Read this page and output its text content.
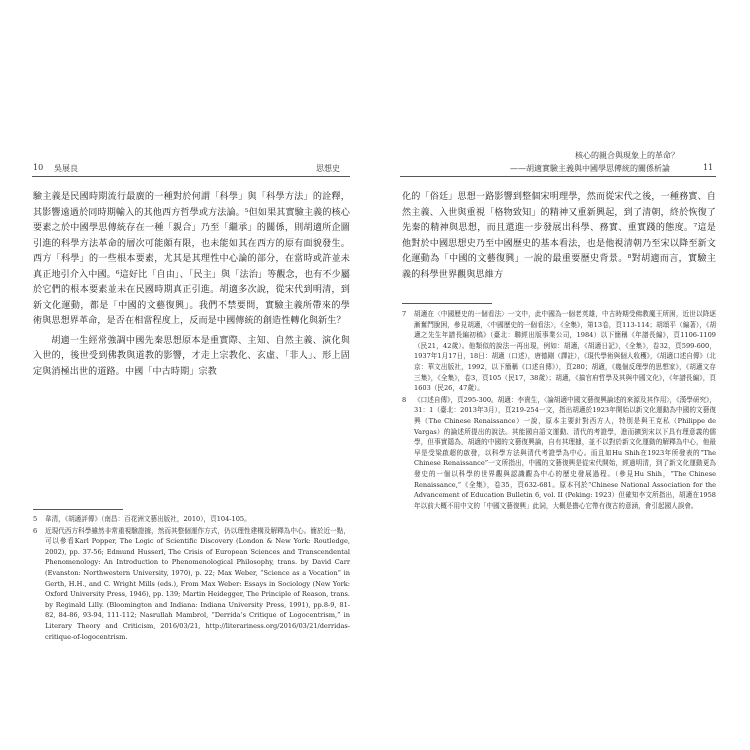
10 吳展良	思想史

驗主義是民國時期流行最廣的一種對於何謂「科學」與「科學方法」的詮釋，其影響遠過於同時期輸入的其他西方哲學或方法論。⁵但如果其實驗主義的核心要素之於中國學思傳統存在一種「親合」乃至「繼承」的關係，則胡適所企圖引進的科學方法革命的層次可能頗有限，也未能如其在西方的原有面貌發生。西方「科學」的一些根本要素，尤其是其理性中心論的部分，在當時或許並未真正地引介入中國。⁶這好比「自由」、「民主」與「法治」等觀念，也有不少屬於它們的根本要素並未在民國時期真正引進。胡適多次說，從宋代到明清，到新文化運動，都是「中國的文藝復興」。我們不禁要問，實驗主義所帶來的學術與思想界革命，是否在相當程度上，反而是中國傳統的創造性轉化與新生？

胡適一生經常強調中國先秦思想原本是重實際、主知、自然主義、演化與入世的，後世受到佛教與道教的影響，才走上宗教化、玄虛、「非人」、形上固定與消極出世的道路。中國「中古時期」宗教

5	韋清，《胡適評傳》（南昌：百花洲文藝出版社，2010），頁104-105。
6	近現代西方科學雖然非常重視驗證據，然而其整個運作方式，仍以理性建構及解釋為中心。簡於近一點，可以參看Karl Popper, The Logic of Scientific Discovery (London & New York: Routledge, 2002), pp. 37-56; Edmund Husserl, The Crisis of European Sciences and Transcendental Phenomenology: An Introduction to Phenomenological Philosophy, trans. by David Carr (Evanston: Northwestern University, 1970), p. 22; Max Weber, “Science as a Vocation” in Gerth, H.H., and C. Wright Mills (eds.), From Max Weber: Essays in Sociology (New York: Oxford University Press, 1946), pp. 139; Martin Heidegger, The Principle of Reason, trans. by Reginald Lilly. (Bloomington and Indiana: Indiana University Press, 1991), pp.8-9, 81-82, 84-86, 93-94, 111-112; Nasrullah Mambrol, “Derrida’s Critique of Logocentrism,” in Literary Theory and Criticism, 2016/03/21, http://literariness.org/2016/03/21/derridas-critique-of-logocentrism.
核心的親合與現象上的革命？
——胡適實驗主義與中國學思傳統的關係析論	11

化的「俗廷」思想一路影響到整個宋明理學，然而從宋代之後，一種務實、自然主義、入世與重視「格物致知」的精神又重新興起，到了清朝，終於恢復了先秦的精神與思想，而且還進一步發展出科學、務實、重實踐的態度。⁷這是他對於中國思想史乃至中國歷史的基本看法，也是他視清朝乃至宋以降至新文化運動為「中國的文藝復興」一說的最重要歷史背景。⁸對胡適而言，實驗主義的科學世界觀與思維方

7	胡適在〈中國歷史的一個看法〉一文中，此中國為一個老英雄，中古時期受佛教魔王所困，近世以降逐漸奮鬥脫困，參見胡適，〈中國歷史的一個看法〉，《全集》，第13卷，頁113-114；胡頌平（編著），《胡適之先生年譜長編初稿》（臺北：聯經出版事業公司，1984）以下簡稱《年譜長編》，頁1106-1109（民21，42歲）。他類似的說法一再出現，例如：胡適，《胡適日記》，《全集》，卷32，頁599-600，1937年1月17日，18日：胡適（口述），唐德剛（譯註），《現代學術與個人收穫》，《胡適口述自傳》（北京：華文出版社，1992，以下簡稱《口述自傳》），頁280；胡適，《幾個反理學的思想家》，《胡適文存三集》，《全集》，卷3，頁105（民17，38歲）；胡適，《搞官府哲學及其與中國文化》，《年譜長編》，頁1603（民26，47歲）。
8	《口述自傳》，頁295-300。胡適：李貴生，〈論胡適中國文藝復興論述的來源及其作用〉，《漢學研究》，31：1（臺北：2013年3月），頁219-254一文，指出胡適於1923年開始以新文化運動為中國的文藝復興（The Chinese Renaissance）一說，原本主要針對西方人，特別是與王克私（Philippe de Vargas）的論述所提出的說法。其能國自語文運動、清代的考證學，進而擴到宋以下具有理意義的儒學，但事實隱為，胡適的中國的文藝復興論，自有其理據，並不以對於新文化運動的解釋為中心，他最早是受梁啟超的啟發，以科學方法與清代考證學為中心。而且如Hu Shih在1923年所發表的“The Chinese Renaissance”一文所指出，中國的文藝復興是從宋代開始，經過明清，到了新文化運動更為發史的一個以科學的世界觀與認識觀為中心的歷史發展過程。（參見Hu Shih，“The Chinese Renaissance,”《全集》，卷35，頁632-681。原本刊於“Chinese National Association for the Advancement of Education Bulletin 6, vol. II (Peking: 1923）但確知李文所指出，胡適在1958年以前大概不用中文的「中國文藝復興」此詞，大概是擔心它帶有復古的意涵，會引起國人誤會。
